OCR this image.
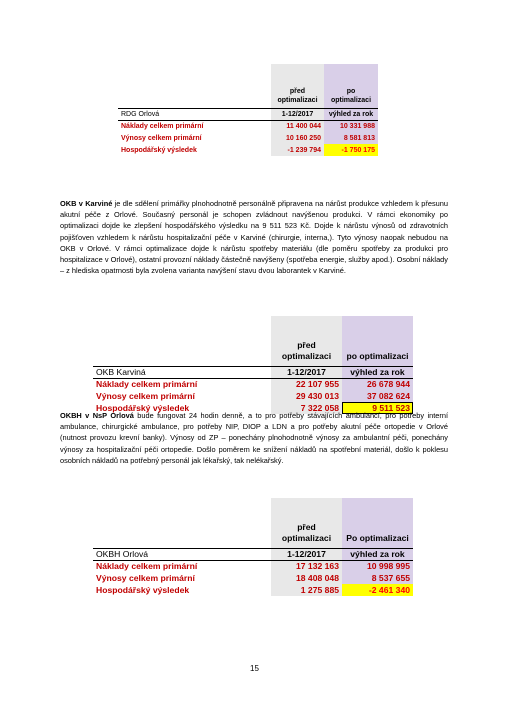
	před optimalizaci	po optimalizaci
RDG Orlová	1-12/2017	výhled za rok
Náklady celkem primární	11 400 044	10 331 988
Výnosy celkem primární	10 160 250	8 581 813
Hospodářský výsledek	-1 239 794	-1 750 175

OKB v Karviné je dle sdělení primářky plnohodnotně personálně připravena na nárůst produkce vzhledem k přesunu akutní péče z Orlové. Současný personál je schopen zvládnout navýšenou produkci. V rámci ekonomiky po optimalizaci dojde ke zlepšení hospodářského výsledku na 9 511 523 Kč. Dojde k nárůstu výnosů od zdravotních pojišťoven vzhledem k nárůstu hospitalizační péče v Karviné (chirurgie, interna,). Tyto výnosy naopak nebudou na OKB v Orlové. V rámci optimalizace dojde k nárůstu spotřeby materiálu (dle poměru spotřeby za produkci pro hospitalizace v Orlové), ostatní provozní náklady částečně navýšeny (spotřeba energie, služby apod.). Osobní náklady – z hlediska opatrnosti byla zvolena varianta navýšení stavu dvou laborantek v Karviné.

	před optimalizaci	po optimalizaci
OKB Karviná	1-12/2017	výhled za rok
Náklady celkem primární	22 107 955	26 678 944
Výnosy celkem primární	29 430 013	37 082 624
Hospodářský výsledek	7 322 058	9 511 523

OKBH v NsP Orlová bude fungovat 24 hodin denně, a to pro potřeby stávajících ambulancí, pro potřeby interní ambulance, chirurgické ambulance, pro potřeby NIP, DIOP a LDN a pro potřeby akutní péče ortopedie v Orlové (nutnost provozu krevní banky). Výnosy od ZP – ponechány plnohodnotně výnosy za ambulantní péči, ponechány výnosy za hospitalizační péči ortopedie. Došlo poměrem ke snížení nákladů na spotřební materiál, došlo k poklesu osobních nákladů na potřebný personál jak lékařský, tak nelékařský.

	před optimalizaci	Po optimalizaci
OKBH Orlová	1-12/2017	výhled za rok
Náklady celkem primární	17 132 163	10 998 995
Výnosy celkem primární	18 408 048	8 537 655
Hospodářský výsledek	1 275 885	-2 461 340
15
